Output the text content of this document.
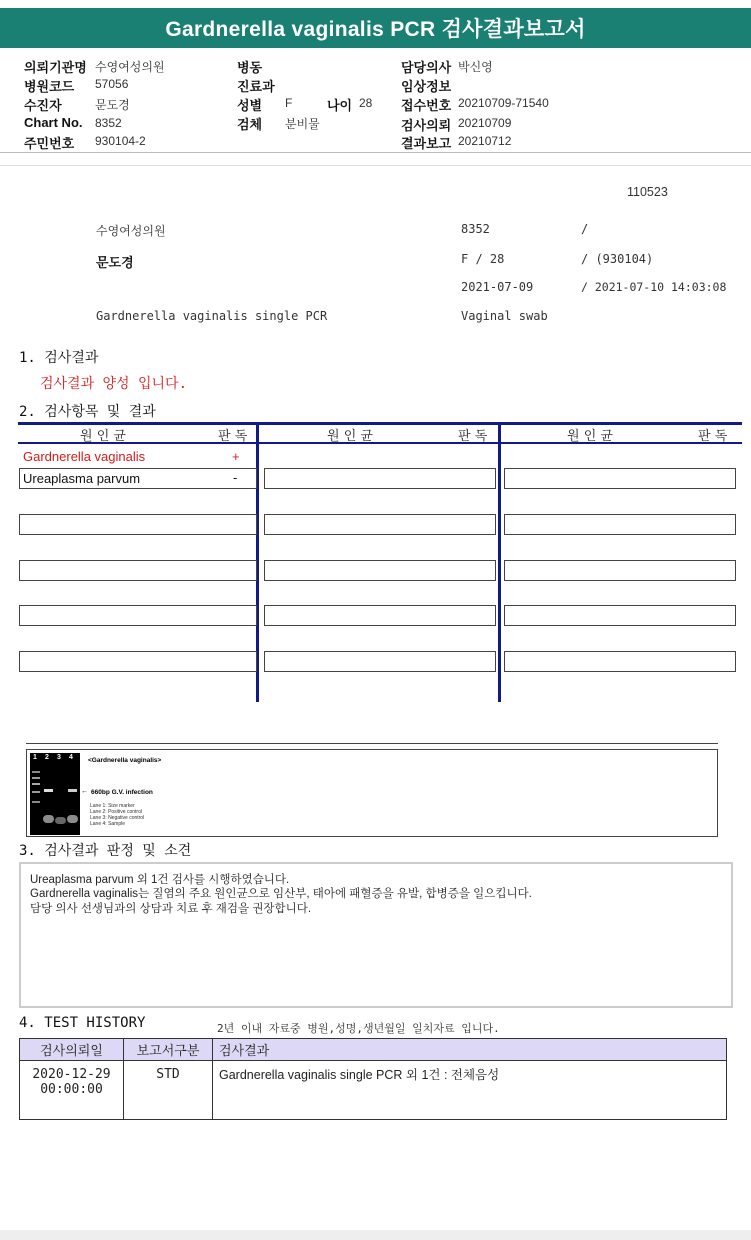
Gardnerella vaginalis PCR 검사결과보고서
의뢰기관명 수영여성의원
병원코드 57056
수진자	문도경
Chart No. 8352
주민번호 930104-2
병동
진료과
성별 F	나이 28
검체 분비물
담당의사 박신영
임상정보
접수번호 20210709-71540
검사의뢰 20210709
결과보고 20210712
110523
수영여성의원	8352	/
문도경	F / 28	/ (930104)
2021-07-09	/ 2021-07-10 14:03:08
Gardnerella vaginalis single PCR	Vaginal swab
1. 검사결과
검사결과 양성 입니다.
2. 검사항목 및 결과
원 인 균	판 독	원 인 균	판 독	원 인 균	판 독
Gardnerella vaginalis	+
Ureaplasma parvum	-
1 2 3 4 <Gardnerella vaginalis>
← 660bp G.V. infection
Lane 1: Size marker
Lane 2: Positive control
Lane 3: Negative control
Lane 4: Sample
3. 검사결과 판정 및 소견
Ureaplasma parvum 외 1건 검사를 시행하였습니다.
Gardnerella vaginalis는 질염의 주요 원인균으로 임산부, 태아에 패혈증을 유발, 합병증을 일으킵니다.
담당 의사 선생님과의 상담과 치료 후 재검을 권장합니다.
4. TEST HISTORY	2년 이내 자료중 병원,성명,생년월일 일치자료 입니다.
검사의뢰일	보고서구분	검사결과

2020-12-29
00:00:00	STD	Gardnerella vaginalis single PCR 외 1건 : 전체음성
